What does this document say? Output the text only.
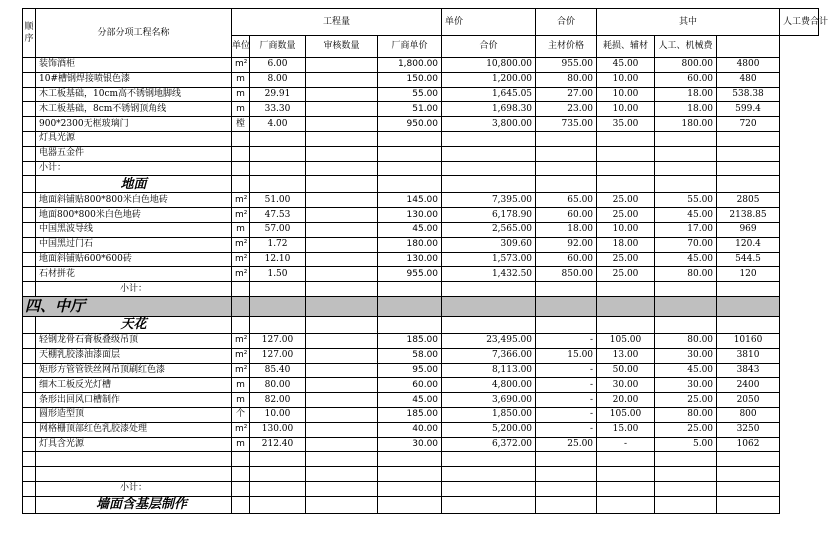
顺序	分部分项工程名称	工程量				单价	合价	其中			人工费合计
		单位	厂商数量	审核数量	厂商单价	合价	主材价格	耗损、辅材	人工、机械费		
	装饰酒柜	m²	6.00		1,800.00	10,800.00	955.00	45.00	800.00	4800	
	10#槽钢焊接喷银色漆	m	8.00		150.00	1,200.00	80.00	10.00	60.00	480	
	木工板基础，10cm高不锈钢地脚线	m	29.91		55.00	1,645.05	27.00	10.00	18.00	538.38	
	木工板基础，8cm不锈钢顶角线	m	33.30		51.00	1,698.30	23.00	10.00	18.00	599.4	
	900*2300无框玻璃门	樘	4.00		950.00	3,800.00	735.00	35.00	180.00	720	
	灯具光源										
	电器五金件										
	小计：										
	地面										
	地面斜铺贴800*800米白色地砖	m²	51.00		145.00	7,395.00	65.00	25.00	55.00	2805	
	地面800*800米白色地砖	m²	47.53		130.00	6,178.90	60.00	25.00	45.00	2138.85	
	中国黑波导线	m	57.00		45.00	2,565.00	18.00	10.00	17.00	969	
	中国黑过门石	m²	1.72		180.00	309.60	92.00	18.00	70.00	120.4	
	地面斜铺贴600*600砖	m²	12.10		130.00	1,573.00	60.00	25.00	45.00	544.5	
	石材拼花	m²	1.50		955.00	1,432.50	850.00	25.00	80.00	120	
	小计：										
四、中厅											
	天花										
	轻钢龙骨石膏板叠级吊顶	m²	127.00		185.00	23,495.00	-	105.00	80.00	10160	
	天棚乳胶漆油漆面层	m²	127.00		58.00	7,366.00	15.00	13.00	30.00	3810	
	矩形方管管铁丝网吊顶刷红色漆	m²	85.40		95.00	8,113.00	-	50.00	45.00	3843	
	细木工板反光灯槽	m	80.00		60.00	4,800.00	-	30.00	30.00	2400	
	条形出回风口槽制作	m	82.00		45.00	3,690.00	-	20.00	25.00	2050	
	圆形造型顶	个	10.00		185.00	1,850.00	-	105.00	80.00	800	
	网格栅顶部红色乳胶漆处理	m²	130.00		40.00	5,200.00	-	15.00	25.00	3250	
	灯具含光源	m	212.40		30.00	6,372.00	25.00	-	5.00	1062	

	小计：										
	墙面含基层制作										
